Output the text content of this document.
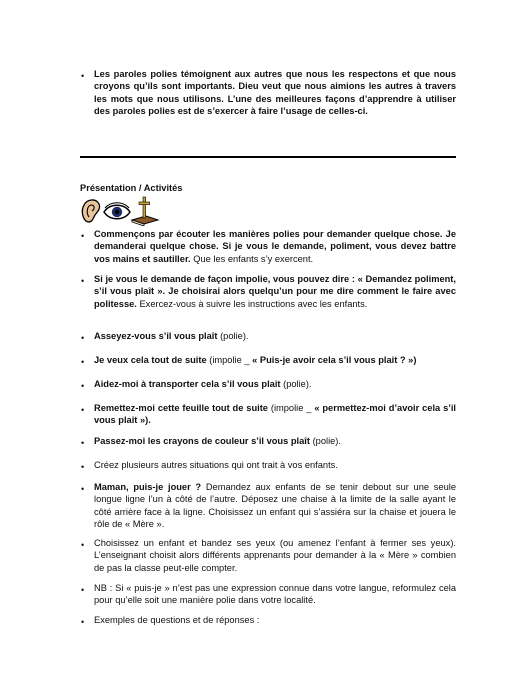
• Les paroles polies témoignent aux autres que nous les respectons et que nous croyons qu’ils sont importants. Dieu veut que nous aimions les autres à travers les mots que nous utilisons. L’une des meilleures façons d’apprendre à utiliser des paroles polies est de s’exercer à faire l’usage de celles-ci.
Présentation / Activités
• Commençons par écouter les manières polies pour demander quelque chose. Je demanderai quelque chose. Si je vous le demande, poliment, vous devez battre vos mains et sautiller. Que les enfants s’y exercent.
• Si je vous le demande de façon impolie, vous pouvez dire : « Demandez poliment, s’il vous plaît ». Je choisirai alors quelqu’un pour me dire comment le faire avec politesse. Exercez-vous à suivre les instructions avec les enfants.
• Asseyez-vous s’il vous plaît (polie).
• Je veux cela tout de suite (impolie _ « Puis-je avoir cela s’il vous plait ? »)
• Aidez-moi à transporter cela s’il vous plait (polie).
• Remettez-moi cette feuille tout de suite (impolie _ « permettez-moi d’avoir cela s’il vous plait »).
• Passez-moi les crayons de couleur s’il vous plaît (polie).
• Créez plusieurs autres situations qui ont trait à vos enfants.
• Maman, puis-je jouer ? Demandez aux enfants de se tenir debout sur une seule longue ligne l’un à côté de l’autre. Déposez une chaise à la limite de la salle ayant le côté arrière face à la ligne. Choisissez un enfant qui s’assiéra sur la chaise et jouera le rôle de « Mère ».
• Choisissez un enfant et bandez ses yeux (ou amenez l’enfant à fermer ses yeux). L’enseignant choisit alors différents apprenants pour demander à la « Mère » combien de pas la classe peut-elle compter.
• NB : Si « puis-je » n’est pas une expression connue dans votre langue, reformulez cela pour qu’elle soit une manière polie dans votre localité.
• Exemples de questions et de réponses :
